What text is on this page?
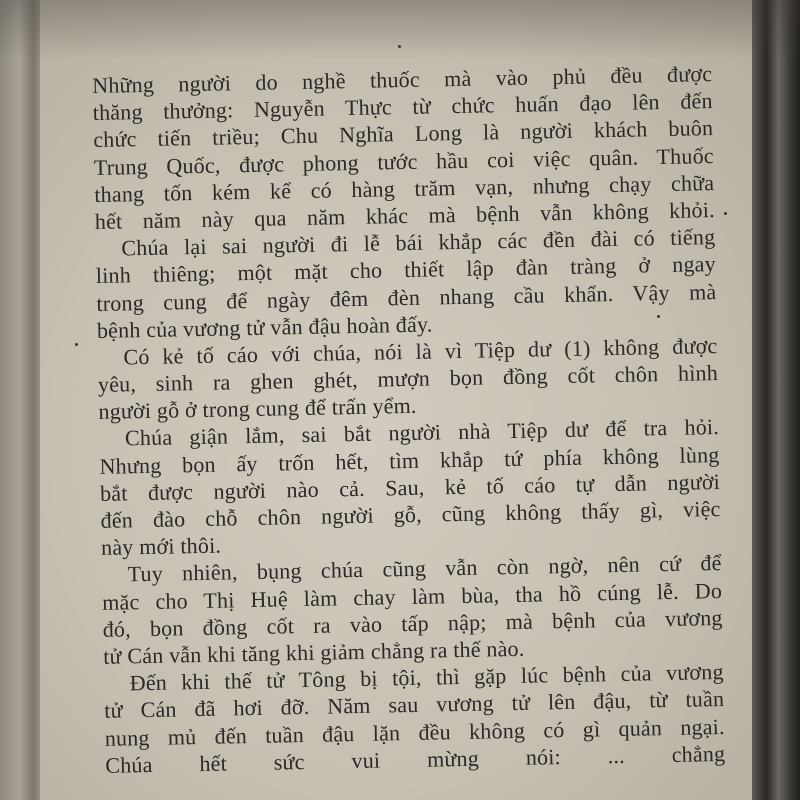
Những người do nghề thuốc mà vào phủ đều được
thăng thưởng: Nguyễn Thực từ chức huấn đạo lên đến
chức tiến triều; Chu Nghĩa Long là người khách buôn
Trung Quốc, được phong tước hầu coi việc quân. Thuốc
thang tốn kém kể có hàng trăm vạn, nhưng chạy chữa
hết năm này qua năm khác mà bệnh vẫn không khỏi.
Chúa lại sai người đi lễ bái khắp các đền đài có tiếng
linh thiêng; một mặt cho thiết lập đàn tràng ở ngay
trong cung để ngày đêm đèn nhang cầu khẩn. Vậy mà
bệnh của vương tử vẫn đậu hoàn đấy.
Có kẻ tố cáo với chúa, nói là vì Tiệp dư (1) không được
yêu, sinh ra ghen ghét, mượn bọn đồng cốt chôn hình
người gỗ ở trong cung để trấn yểm.
Chúa giận lắm, sai bắt người nhà Tiệp dư để tra hỏi.
Nhưng bọn ấy trốn hết, tìm khắp tứ phía không lùng
bắt được người nào cả. Sau, kẻ tố cáo tự dẫn người
đến đào chỗ chôn người gỗ, cũng không thấy gì, việc
này mới thôi.
Tuy nhiên, bụng chúa cũng vẫn còn ngờ, nên cứ để
mặc cho Thị Huệ làm chay làm bùa, tha hồ cúng lễ. Do
đó, bọn đồng cốt ra vào tấp nập; mà bệnh của vương
tử Cán vẫn khi tăng khi giảm chẳng ra thế nào.
Đến khi thế tử Tông bị tội, thì gặp lúc bệnh của vương
tử Cán đã hơi đỡ. Năm sau vương tử lên đậu, từ tuần
nung mủ đến tuần đậu lặn đều không có gì quản ngại.
Chúa hết sức vui mừng nói: ... chẳng
